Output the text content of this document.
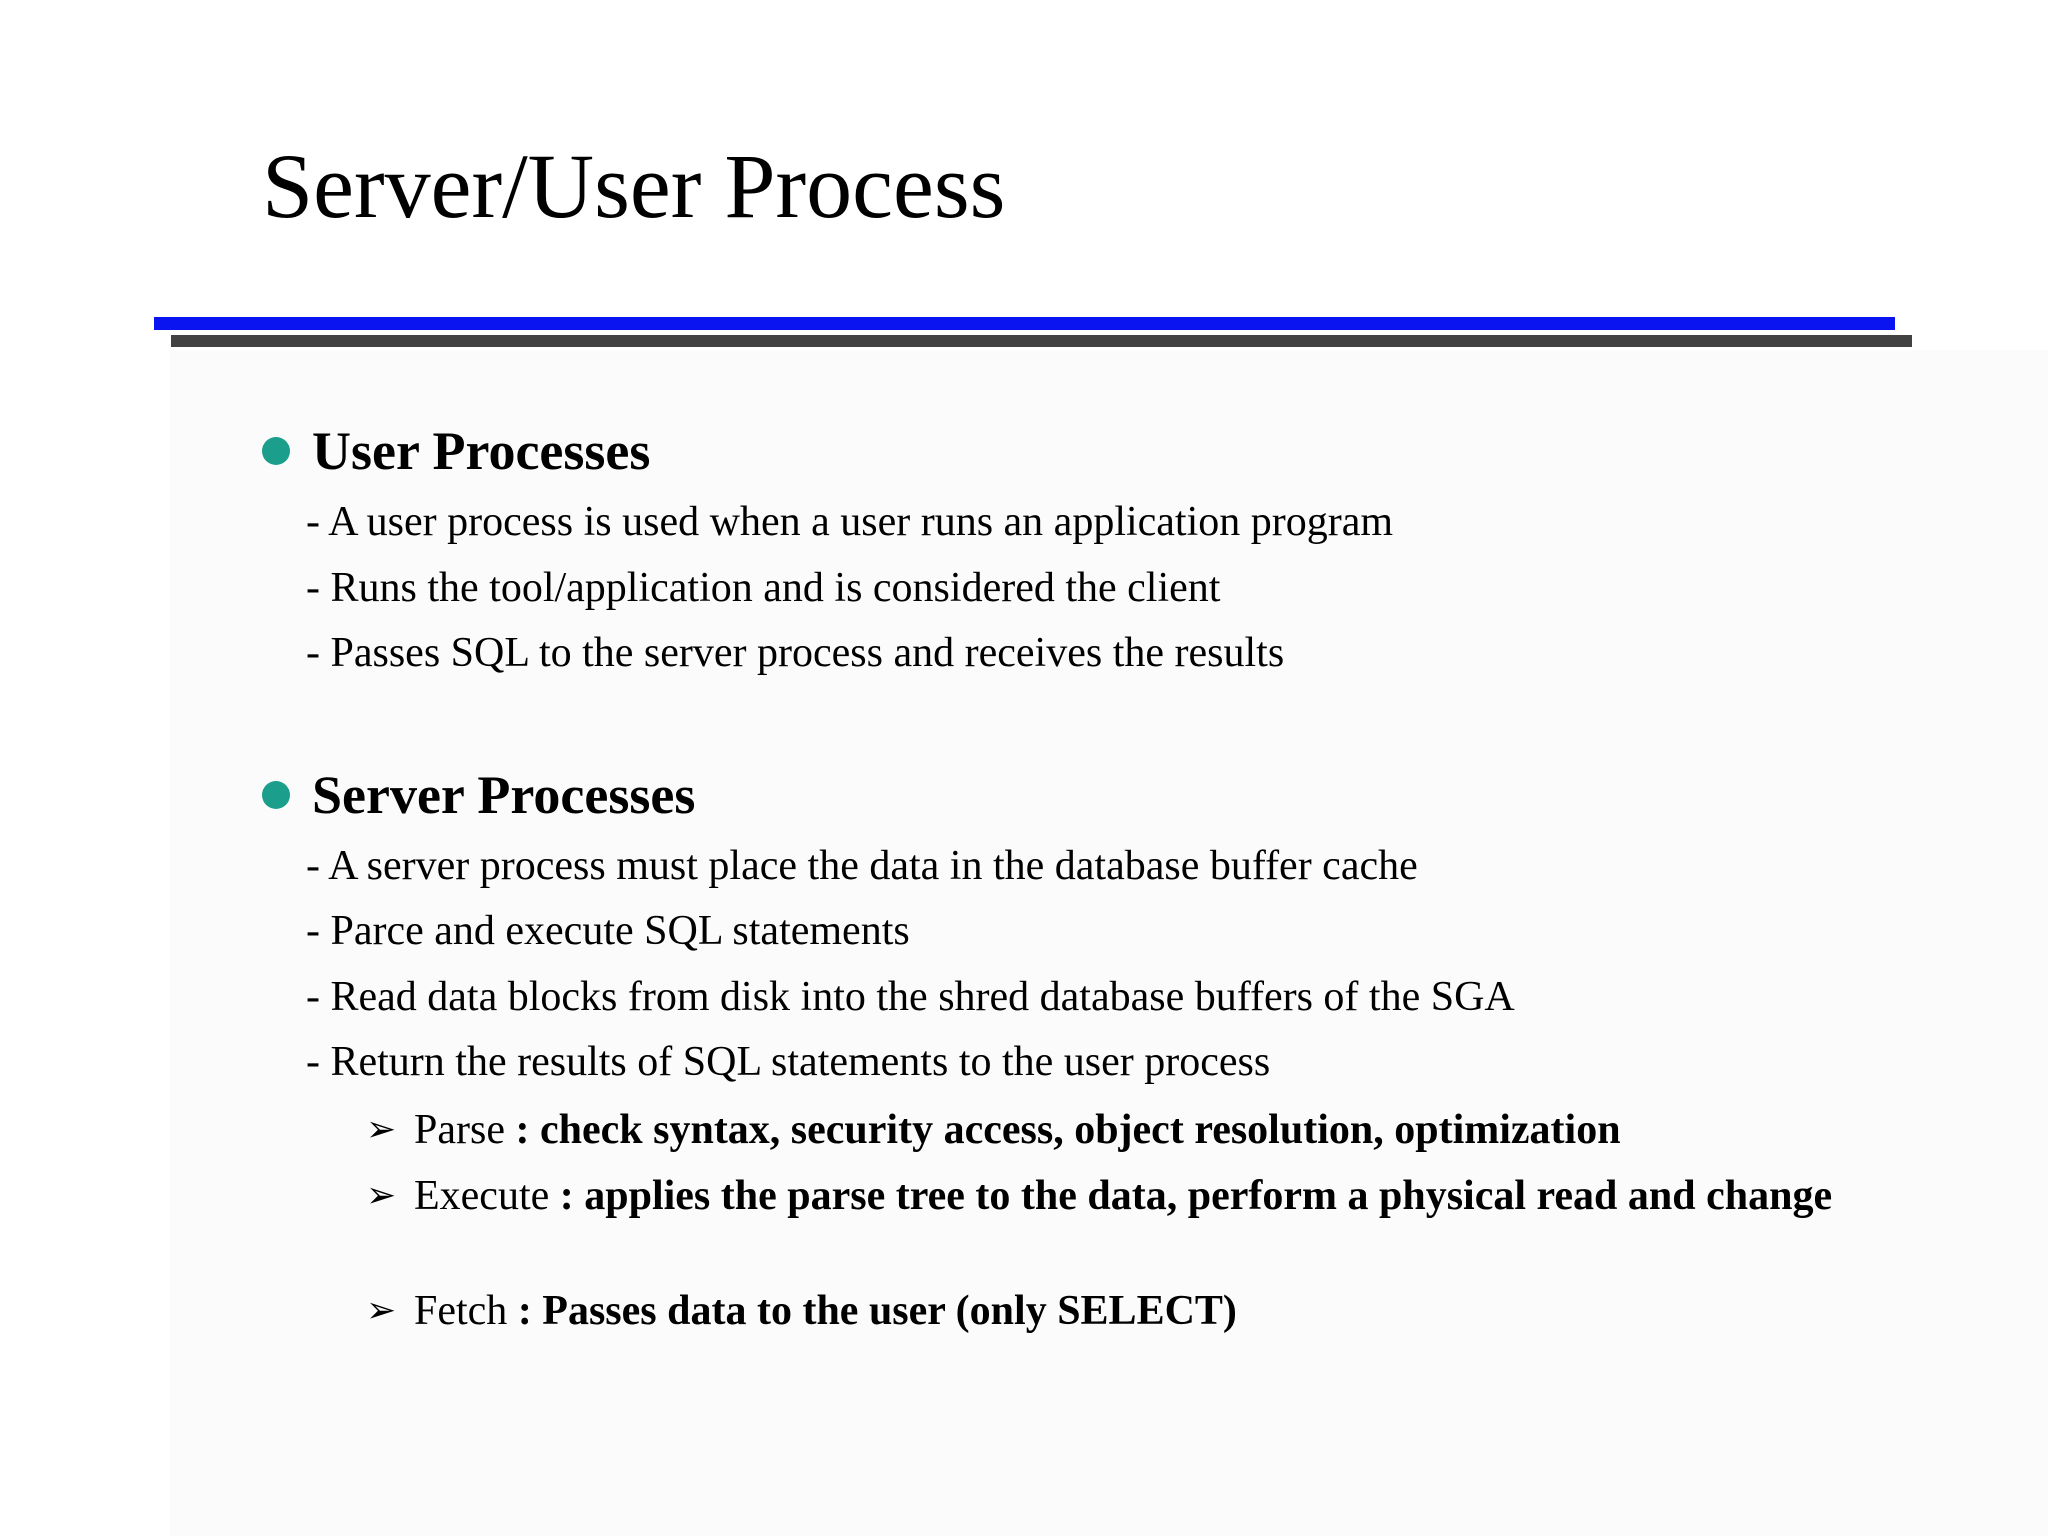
Server/User Process
User Processes
- A user process is used when a user runs an application program
- Runs the tool/application and is considered the client
- Passes SQL to the server process and receives the results
Server Processes
- A server process must place the data in the database buffer cache
- Parce and execute SQL statements
- Read data blocks from disk into the shred database buffers of the SGA
- Return the results of SQL statements to the user process
➢ Parse : check syntax, security access, object resolution, optimization
➢ Execute : applies the parse tree to the data, perform a physical read and change
➢ Fetch : Passes data to the user (only SELECT)
